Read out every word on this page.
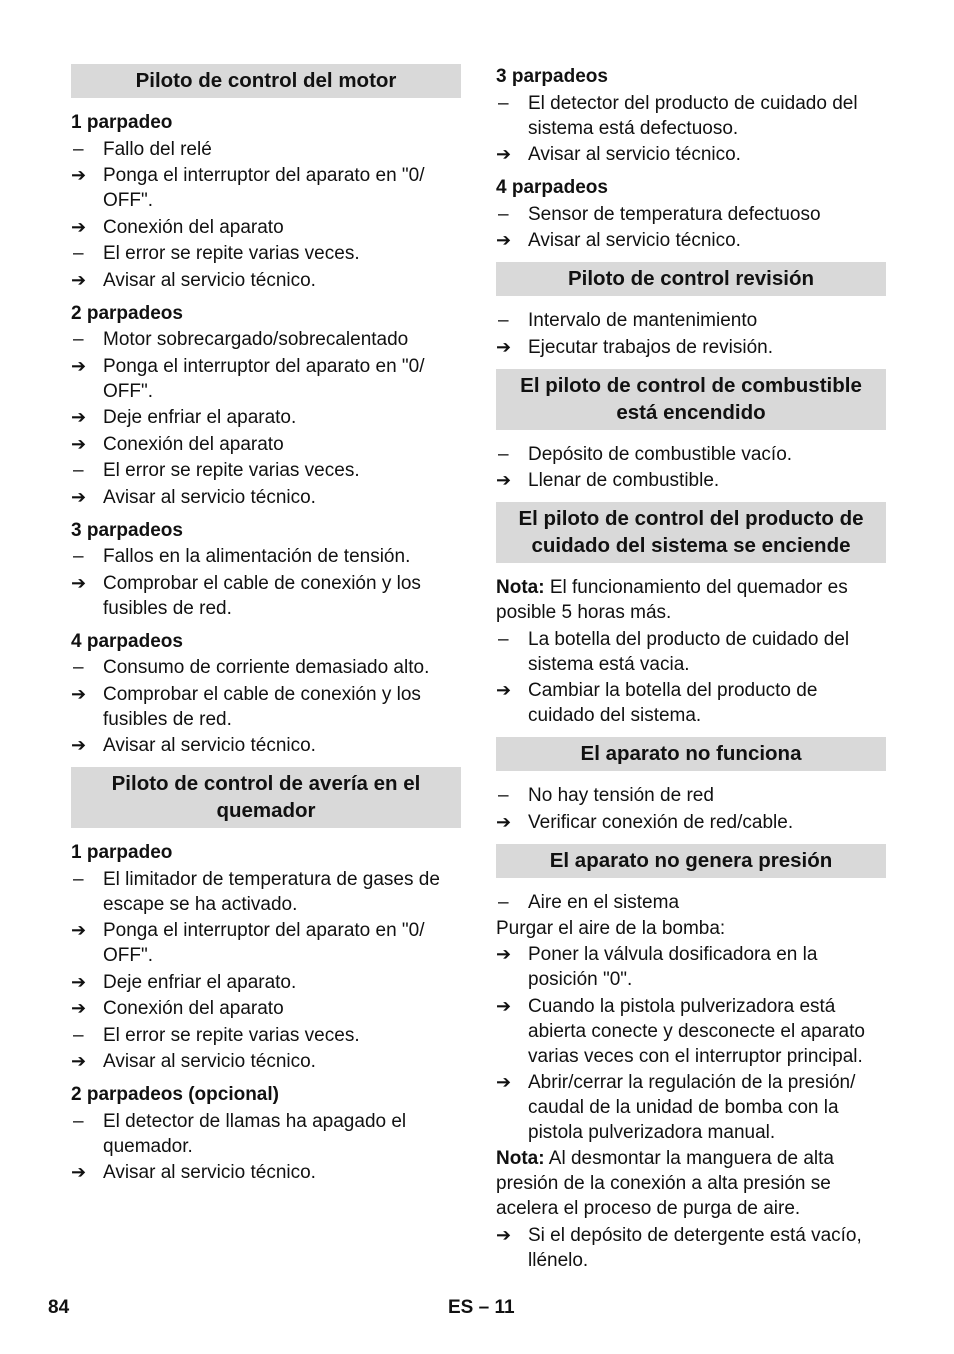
Piloto de control del motor
1 parpadeo
–	Fallo del relé
➔ Ponga el interruptor del aparato en "0/ OFF".
➔ Conexión del aparato
–	El error se repite varias veces.
➔ Avisar al servicio técnico.
2 parpadeos
–	Motor sobrecargado/sobrecalentado
➔ Ponga el interruptor del aparato en "0/ OFF".
➔ Deje enfriar el aparato.
➔ Conexión del aparato
–	El error se repite varias veces.
➔ Avisar al servicio técnico.
3 parpadeos
–	Fallos en la alimentación de tensión.
➔ Comprobar el cable de conexión y los fusibles de red.
4 parpadeos
–	Consumo de corriente demasiado alto.
➔ Comprobar el cable de conexión y los fusibles de red.
➔ Avisar al servicio técnico.
Piloto de control de avería en el quemador
1 parpadeo
–	El limitador de temperatura de gases de escape se ha activado.
➔ Ponga el interruptor del aparato en "0/ OFF".
➔ Deje enfriar el aparato.
➔ Conexión del aparato
–	El error se repite varias veces.
➔ Avisar al servicio técnico.
2 parpadeos (opcional)
–	El detector de llamas ha apagado el quemador.
➔ Avisar al servicio técnico.
3 parpadeos
–	El detector del producto de cuidado del sistema está defectuoso.
➔ Avisar al servicio técnico.
4 parpadeos
–	Sensor de temperatura defectuoso
➔ Avisar al servicio técnico.
Piloto de control revisión
–	Intervalo de mantenimiento
➔ Ejecutar trabajos de revisión.
El piloto de control de combustible está encendido
–	Depósito de combustible vacío.
➔ Llenar de combustible.
El piloto de control del producto de cuidado del sistema se enciende
Nota: El funcionamiento del quemador es posible 5 horas más.
–	La botella del producto de cuidado del sistema está vacia.
➔ Cambiar la botella del producto de cuidado del sistema.
El aparato no funciona
–	No hay tensión de red
➔ Verificar conexión de red/cable.
El aparato no genera presión
–	Aire en el sistema
Purgar el aire de la bomba:
➔ Poner la válvula dosificadora en la posición "0".
➔ Cuando la pistola pulverizadora está abierta conecte y desconecte el aparato varias veces con el interruptor principal.
➔ Abrir/cerrar la regulación de la presión/ caudal de la unidad de bomba con la pistola pulverizadora manual.
Nota: Al desmontar la manguera de alta presión de la conexión a alta presión se acelera el proceso de purga de aire.
➔ Si el depósito de detergente está vacío, llénelo.
84	ES – 11
